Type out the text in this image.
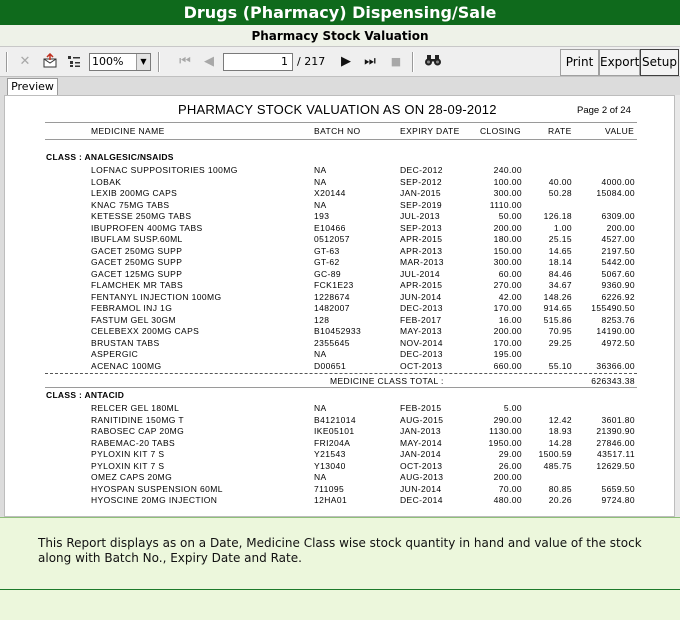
Drugs (Pharmacy) Dispensing/Sale
Pharmacy Stock Valuation
✕	100%	▼	⏮ ◀	1 / 217 ▶ ⏭ ■	Print Export Setup
Preview
PHARMACY STOCK VALUATION AS ON 28-09-2012	Page 2 of 24
MEDICINE NAME	BATCH NO	EXPIRY DATE CLOSING	RATE	VALUE
CLASS : ANALGESIC/NSAIDS
LOFNAC SUPPOSITORIES 100MG	NA	DEC-2012	240.00
LOBAK	NA	SEP-2012	100.00	40.00	4000.00
LEXIB 200MG CAPS	X20144	JAN-2015	300.00	50.28	15084.00
KNAC 75MG TABS	NA	SEP-2019	1110.00
KETESSE 250MG TABS	193	JUL-2013	50.00	126.18	6309.00
IBUPROFEN 400MG TABS	E10466	SEP-2013	200.00	1.00	200.00
IBUFLAM SUSP.60ML	0512057	APR-2015	180.00	25.15	4527.00
GACET 250MG SUPP	GT-63	APR-2013	150.00	14.65	2197.50
GACET 250MG SUPP	GT-62	MAR-2013	300.00	18.14	5442.00
GACET 125MG SUPP	GC-89	JUL-2014	60.00	84.46	5067.60
FLAMCHEK MR TABS	FCK1E23	APR-2015	270.00	34.67	9360.90
FENTANYL INJECTION 100MG	1228674	JUN-2014	42.00	148.26	6226.92
FEBRAMOL INJ 1G	1482007	DEC-2013	170.00	914.65 155490.50
FASTUM GEL 30GM	128	FEB-2017	16.00	515.86	8253.76
CELEBEXX 200MG CAPS	B10452933	MAY-2013	200.00	70.95	14190.00
BRUSTAN TABS	2355645	NOV-2014	170.00	29.25	4972.50
ASPERGIC	NA	DEC-2013	195.00
ACENAC 100MG	D00651	OCT-2013	660.00	55.10	36366.00
MEDICINE CLASS TOTAL :	626343.38
CLASS : ANTACID
RELCER GEL 180ML	NA	FEB-2015	5.00
RANITIDINE 150MG T	B4121014	AUG-2015	290.00	12.42	3601.80
RABOSEC CAP 20MG	IKE05101	JAN-2013	1130.00	18.93	21390.90
RABEMAC-20 TABS	FRI204A	MAY-2014	1950.00	14.28	27846.00
PYLOXIN KIT 7 S	Y21543	JAN-2014	29.00 1500.59	43517.11
PYLOXIN KIT 7 S	Y13040	OCT-2013	26.00	485.75	12629.50
OMEZ CAPS 20MG	NA	AUG-2013	200.00
HYOSPAN SUSPENSION 60ML	711095	JUN-2014	70.00	80.85	5659.50
HYOSCINE 20MG INJECTION	12HA01	DEC-2014	480.00	20.26	9724.80
This Report displays as on a Date, Medicine Class wise stock quantity in hand and value of the stock along with Batch No., Expiry Date and Rate.
